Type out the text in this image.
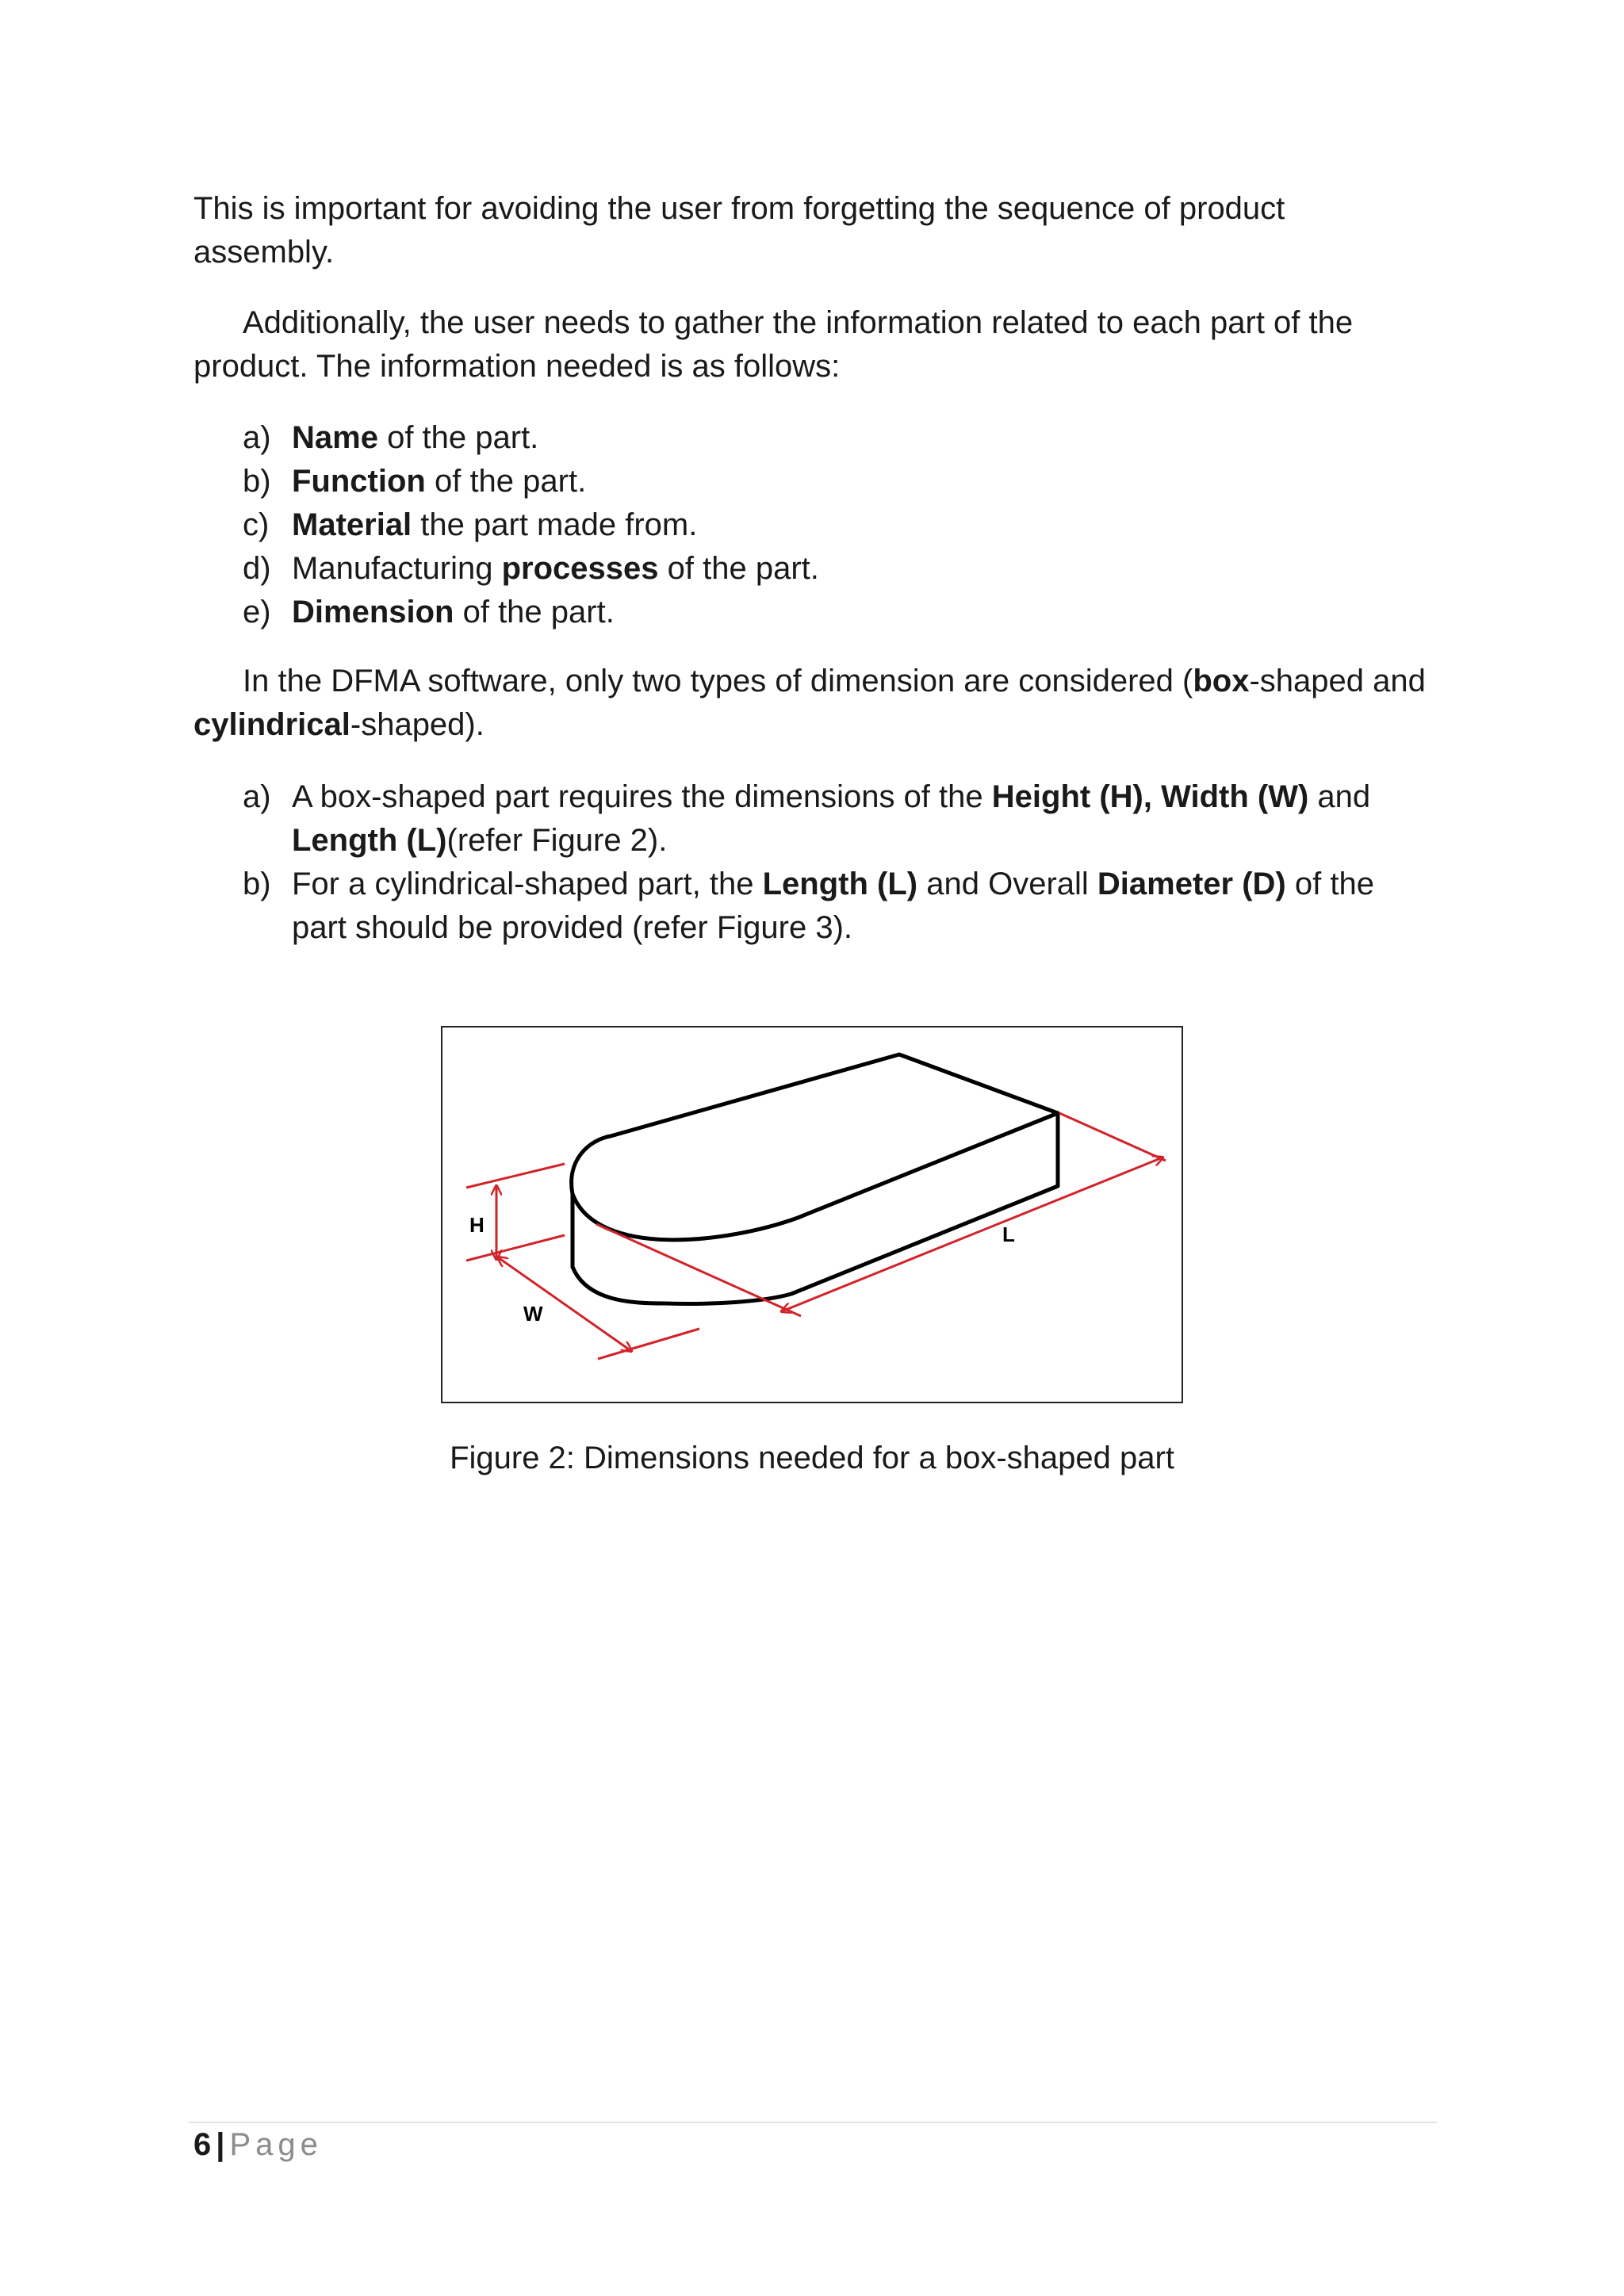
This is important for avoiding the user from forgetting the sequence of product assembly.

Additionally, the user needs to gather the information related to each part of the product. The information needed is as follows:

a) Name of the part.
b) Function of the part.
c) Material the part made from.
d) Manufacturing processes of the part.
e) Dimension of the part.

In the DFMA software, only two types of dimension are considered (box-shaped and cylindrical-shaped).

a) A box-shaped part requires the dimensions of the Height (H), Width (W) and Length (L)(refer Figure 2).
b) For a cylindrical-shaped part, the Length (L) and Overall Diameter (D) of the part should be provided (refer Figure 3).
H
W
L

Figure 2: Dimensions needed for a box-shaped part

6 | Page
